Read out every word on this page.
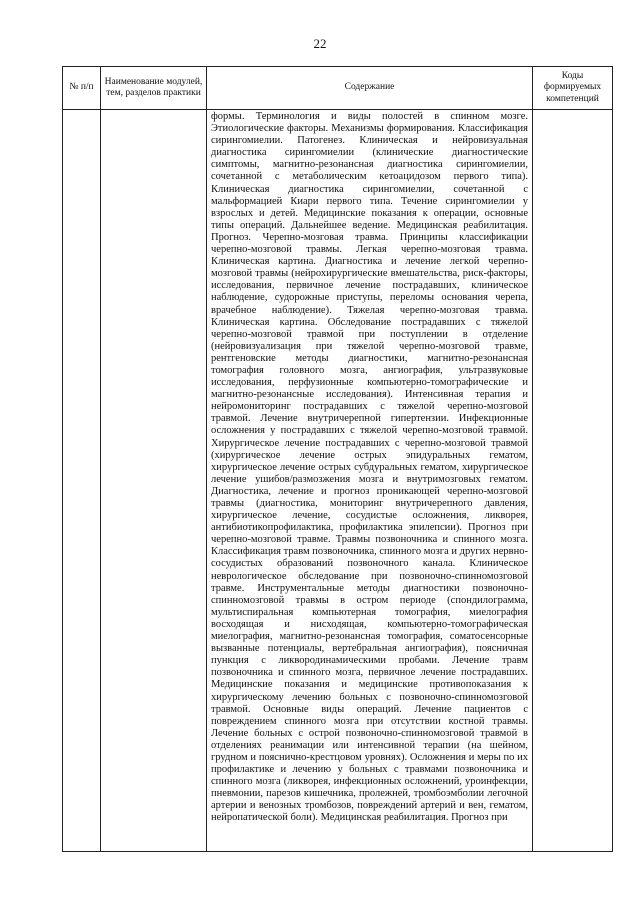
22
№ п/п	Наименование модулей, тем, разделов практики	Содержание	Коды формируемых компетенций

		формы. Терминология и виды полостей в спинном мозге. Этиологические факторы. Механизмы формирования. Классификация сирингомиелии. Патогенез. Клиническая и нейровизуальная диагностика сирингомиелии (клинические диагностические симптомы, магнитно-резонансная диагностика сирингомиелии, сочетанной с метаболическим кетоацидозом первого типа). Клиническая диагностика сирингомиелии, сочетанной с мальформацией Киари первого типа. Течение сирингомиелии у взрослых и детей. Медицинские показания к операции, основные типы операций. Дальнейшее ведение. Медицинская реабилитация. Прогноз. Черепно-мозговая травма. Принципы классификации черепно-мозговой травмы. Легкая черепно-мозговая травма. Клиническая картина. Диагностика и лечение легкой черепно-мозговой травмы (нейрохирургические вмешательства, риск-факторы, исследования, первичное лечение пострадавших, клиническое наблюдение, судорожные приступы, переломы основания черепа, врачебное наблюдение). Тяжелая черепно-мозговая травма. Клиническая картина. Обследование пострадавших с тяжелой черепно-мозговой травмой при поступлении в отделение (нейровизуализация при тяжелой черепно-мозговой травме, рентгеновские методы диагностики, магнитно-резонансная томография головного мозга, ангиография, ультразвуковые исследования, перфузионные компьютерно-томографические и магнитно-резонансные исследования). Интенсивная терапия и нейромониторинг пострадавших с тяжелой черепно-мозговой травмой. Лечение внутричерепной гипертензии. Инфекционные осложнения у пострадавших с тяжелой черепно-мозговой травмой. Хирургическое лечение пострадавших с черепно-мозговой травмой (хирургическое лечение острых эпидуральных гематом, хирургическое лечение острых субдуральных гематом, хирургическое лечение ушибов/размозжения мозга и внутримозговых гематом. Диагностика, лечение и прогноз проникающей черепно-мозговой травмы (диагностика, мониторинг внутричерепного давления, хирургическое лечение, сосудистые осложнения, ликворея, антибиотикопрофилактика, профилактика эпилепсии). Прогноз при черепно-мозговой травме. Травмы позвоночника и спинного мозга. Классификация травм позвоночника, спинного мозга и других нервно-сосудистых образований позвоночного канала. Клиническое неврологическое обследование при позвоночно-спинномозговой травме. Инструментальные методы диагностики позвоночно-спинномозговой травмы в остром периоде (спондилограмма, мультиспиральная компьютерная томография, миелография восходящая и нисходящая, компьютерно-томографическая миелография, магнитно-резонансная томография, соматосенсорные вызванные потенциалы, вертебральная ангиография), поясничная пункция с ликвородинамическими пробами. Лечение травм позвоночника и спинного мозга, первичное лечение пострадавших. Медицинские показания и медицинские противопоказания к хирургическому лечению больных с позвоночно-спинномозговой травмой. Основные виды операций. Лечение пациентов с повреждением спинного мозга при отсутствии костной травмы. Лечение больных с острой позвоночно-спинномозговой травмой в отделениях реанимации или интенсивной терапии (на шейном, грудном и пояснично-крестцовом уровнях). Осложнения и меры по их профилактике и лечению у больных с травмами позвоночника и спинного мозга (ликворея, инфекционных осложнений, уроинфекции, пневмонии, парезов кишечника, пролежней, тромбоэмболии легочной артерии и венозных тромбозов, повреждений артерий и вен, гематом, нейропатической боли). Медицинская реабилитация. Прогноз при	
